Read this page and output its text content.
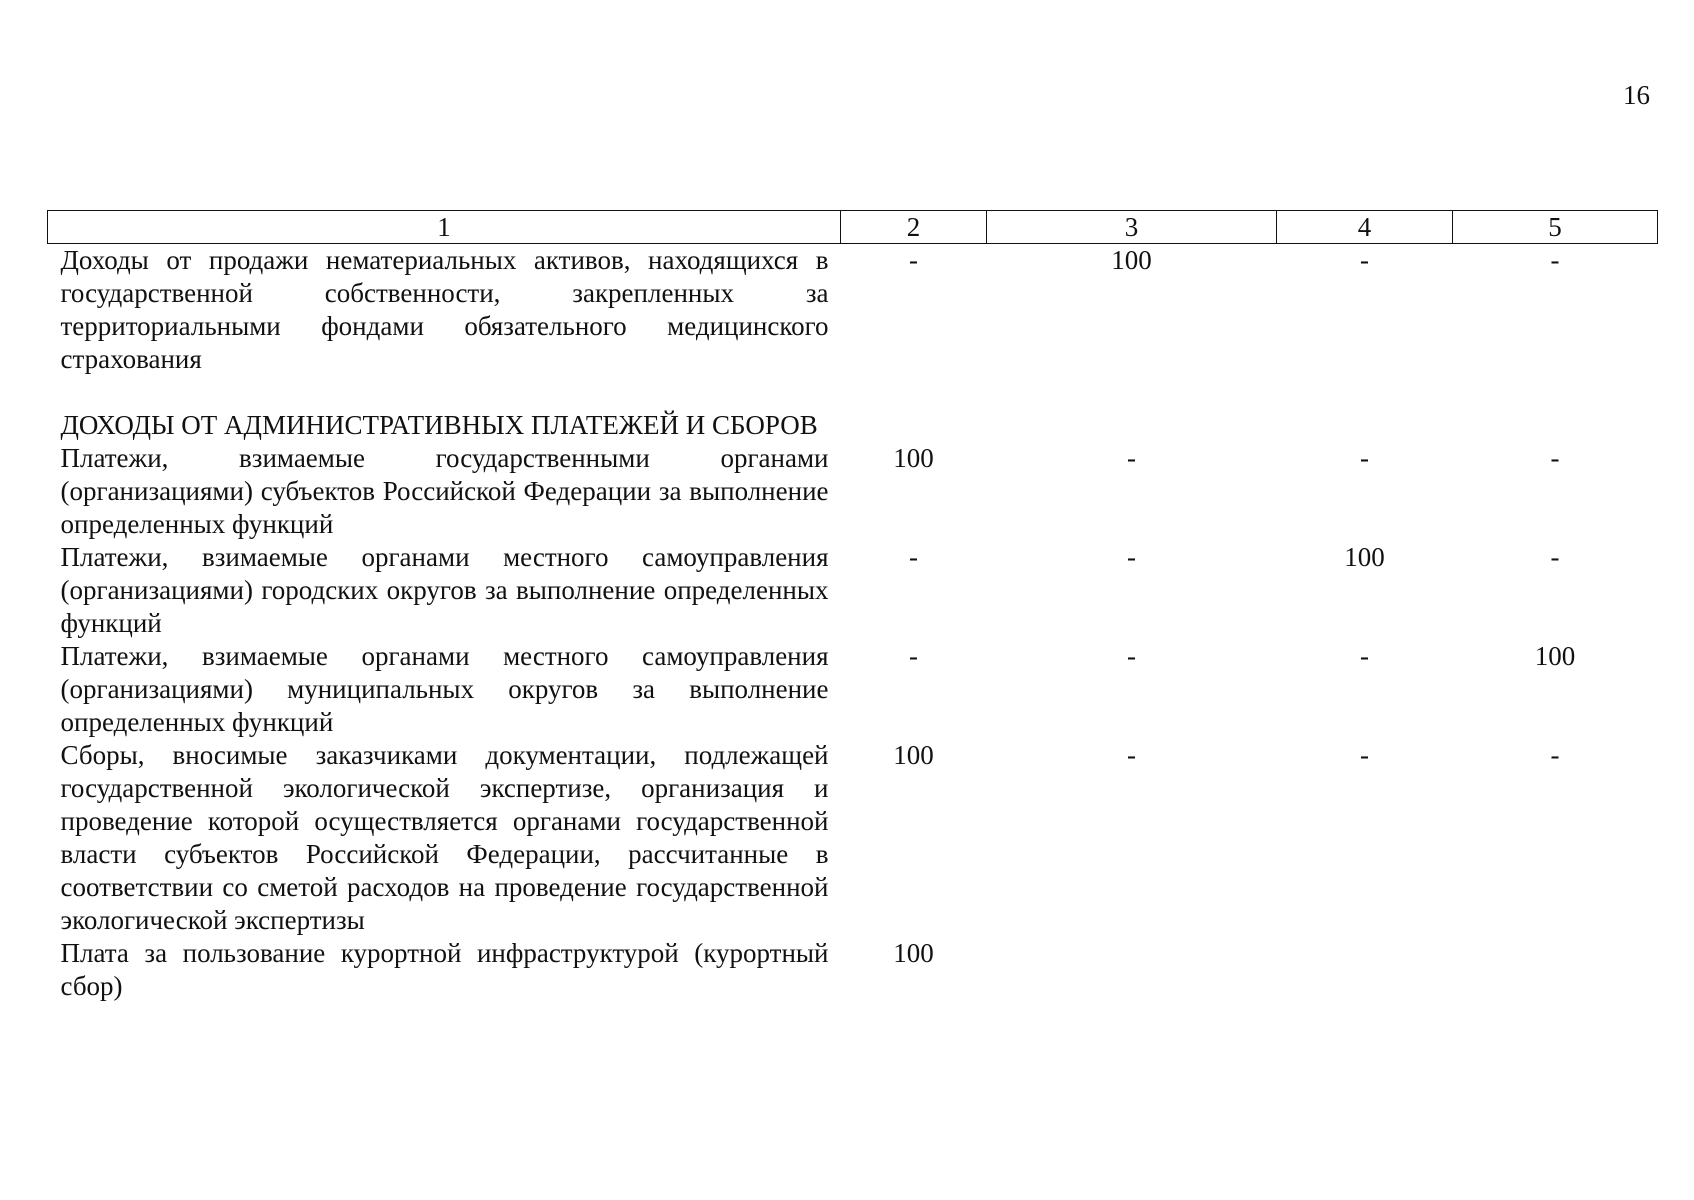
16
1	2	3	4	5
Доходы от продажи нематериальных активов, находящихся в государственной собственности, закрепленных за территориальными фондами обязательного медицинского страхования	-	100	-	-
ДОХОДЫ ОТ АДМИНИСТРАТИВНЫХ ПЛАТЕЖЕЙ И СБОРОВ				
Платежи, взимаемые государственными органами (организациями) субъектов Российской Федерации за выполнение определенных функций	100	-	-	-
Платежи, взимаемые органами местного самоуправления (организациями) городских округов за выполнение определенных функций	-	-	100	-
Платежи, взимаемые органами местного самоуправления (организациями) муниципальных округов за выполнение определенных функций	-	-	-	100
Сборы, вносимые заказчиками документации, подлежащей государственной экологической экспертизе, организация и проведение которой осуществляется органами государственной власти субъектов Российской Федерации, рассчитанные в соответствии со сметой расходов на проведение государственной экологической экспертизы	100	-	-	-
Плата за пользование курортной инфраструктурой (курортный сбор)	100			
